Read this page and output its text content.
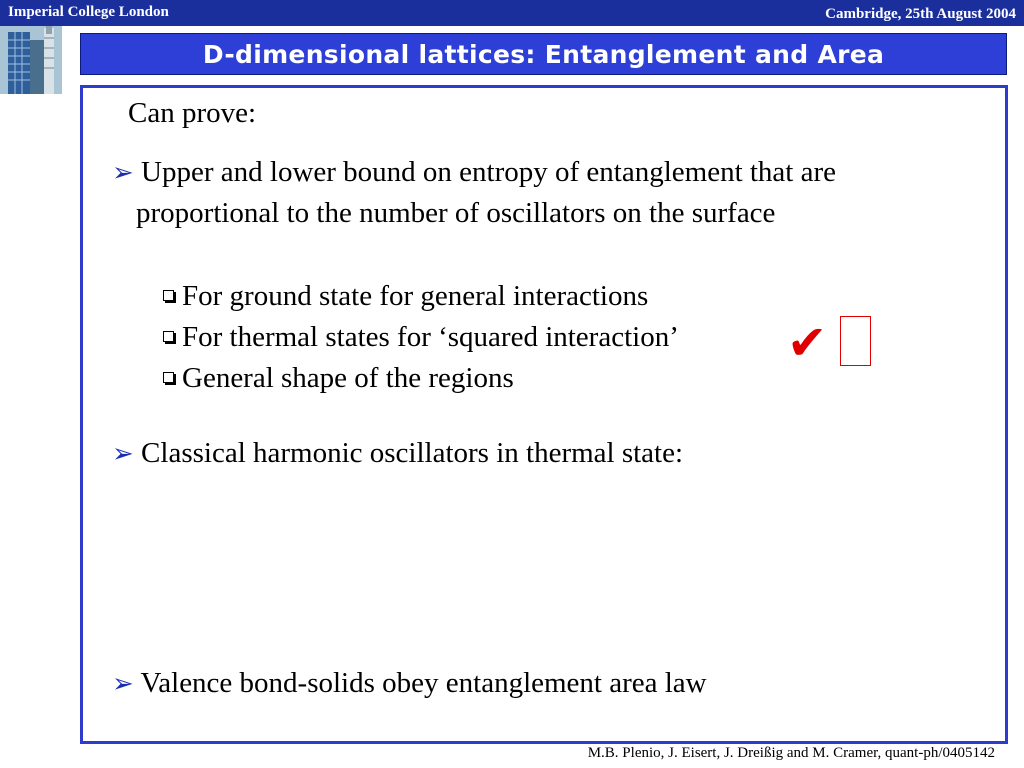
Imperial College London	Cambridge, 25th August 2004
D-dimensional lattices: Entanglement and Area
Can prove:
➢ Upper and lower bound on entropy of entanglement that are
proportional to the number of oscillators on the surface
For ground state for general interactions
For thermal states for ‘squared interaction’
General shape of the regions
✔
➢ Classical harmonic oscillators in thermal state:
➢ Valence bond-solids obey entanglement area law
M.B. Plenio, J. Eisert, J. Dreißig and M. Cramer, quant-ph/0405142
